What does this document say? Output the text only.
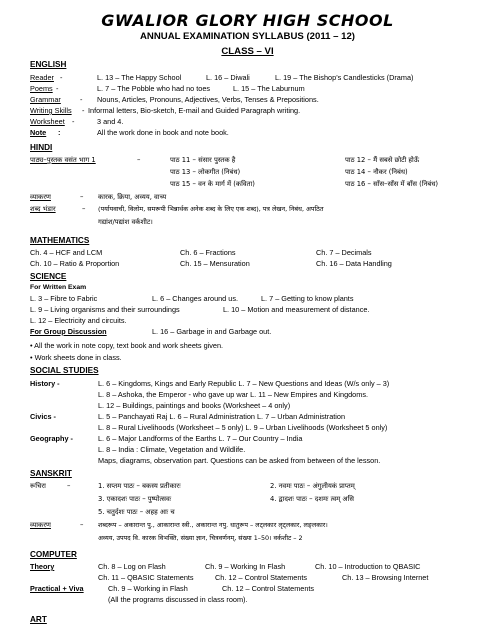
GWALIOR GLORY HIGH SCHOOL
ANNUAL EXAMINATION SYLLABUS (2011 – 12)
CLASS – VI
ENGLISH
Reader -	L. 13 – The Happy School	L. 16 – Diwali	L. 19 – The Bishop’s Candlesticks (Drama)
Poems -	L. 7 – The Pobble who had no toes	L. 15 – The Laburnum
Grammar	- Nouns, Articles, Pronouns, Adjectives, Verbs, Tenses & Prepositions.
Writing Skills - Informal letters, Bio-sketch, E-mail and Guided Paragraph writing.
Worksheet -	3 and 4.
Note :	All the work done in book and note book.
HINDI
पाठ्य–पुस्तक वसंत भाग 1	–	पाठ 11 – संसार पुस्तक है	पाठ 12 – मैं सबसे छोटी होऊँ
पाठ 13 – लोकगीत (निबंध)	पाठ 14 – नौकर (निबंध)
पाठ 15 – वन के मार्ग में (कविता)	पाठ 16 – साँस–साँस में बाँस (निबंध)
व्याकरण	– कारक, क्रिया, अव्यय, वाच्य
शब्द भंडार	– (पर्यायवाची, विलोम, समरूपी भिन्नार्थक अनेक शब्द के लिए एक शब्द), पत्र लेखन, निबंध, अपठित
गद्यांश/पद्यांश वर्कशीट।
MATHEMATICS
Ch. 4 – HCF and LCM	Ch. 6 – Fractions	Ch. 7 – Decimals
Ch. 10 – Ratio & Proportion	Ch. 15 – Mensuration	Ch. 16 – Data Handling
SCIENCE
For Written Exam
L. 3 – Fibre to Fabric	L. 6 – Changes around us.	L. 7 – Getting to know plants
L. 9 – Living organisms and their surroundings	L. 10 – Motion and measurement of distance.
L. 12 – Electricity and circuits.
For Group Discussion	L. 16 – Garbage in and Garbage out.
• All the work in note copy, text book and work sheets given.
• Work sheets done in class.
SOCIAL STUDIES
History -	L. 6 – Kingdoms, Kings and Early Republic L. 7 – New Questions and Ideas (W/s only – 3)
L. 8 – Ashoka, the Emperor - who gave up war L. 11 – New Empires and Kingdoms.
L. 12 – Buildings, paintings and books (Worksheet – 4 only)
Civics -	L. 5 – Panchayati Raj L. 6 – Rural Administration L. 7 – Urban Administration
L. 8 – Rural Livelihoods (Worksheet – 5 only) L. 9 – Urban Livelihoods (Worksheet 5 only)
Geography -	L. 6 – Major Landforms of the Earths L. 7 – Our Country – India
L. 8 – India : Climate, Vegetation and Wildlife.
Maps, diagrams, observation part. Questions can be asked from between of the lesson.
SANSKRIT
रूचिरा	–	1. सप्तम पाठः – बकस्य प्रतीकारः	2. नवमः पाठः – अंगुलीयकं प्राप्तम्
3. एकादशः पाठः – पुष्पोत्सवः	4. द्वादशः पाठः – दशमः त्वम् असि
5. चतुर्दशः पाठः – अहह आः च
व्याकरण	– शब्दरूप – अकारान्त पु., आकारान्त स्त्री., अकारान्त नपु. धातुरूप – लट्लकार लृट्लकार, लङ्लकार।
अव्यय, उपपद वि. कारक विभक्ति, संख्या ज्ञान, चित्रवर्णनम्, संख्या 1–50। वर्कशीट – 2
COMPUTER
Theory	Ch. 8 – Log on Flash	Ch. 9 – Working In Flash	Ch. 10 – Introduction to QBASIC
Ch. 11 – QBASIC Statements	Ch. 12 – Control Statements	Ch. 13 – Browsing Internet
Practical + Viva	Ch. 9 – Working in Flash	Ch. 12 – Control Statements
(All the programs discussed in class room).
ART
